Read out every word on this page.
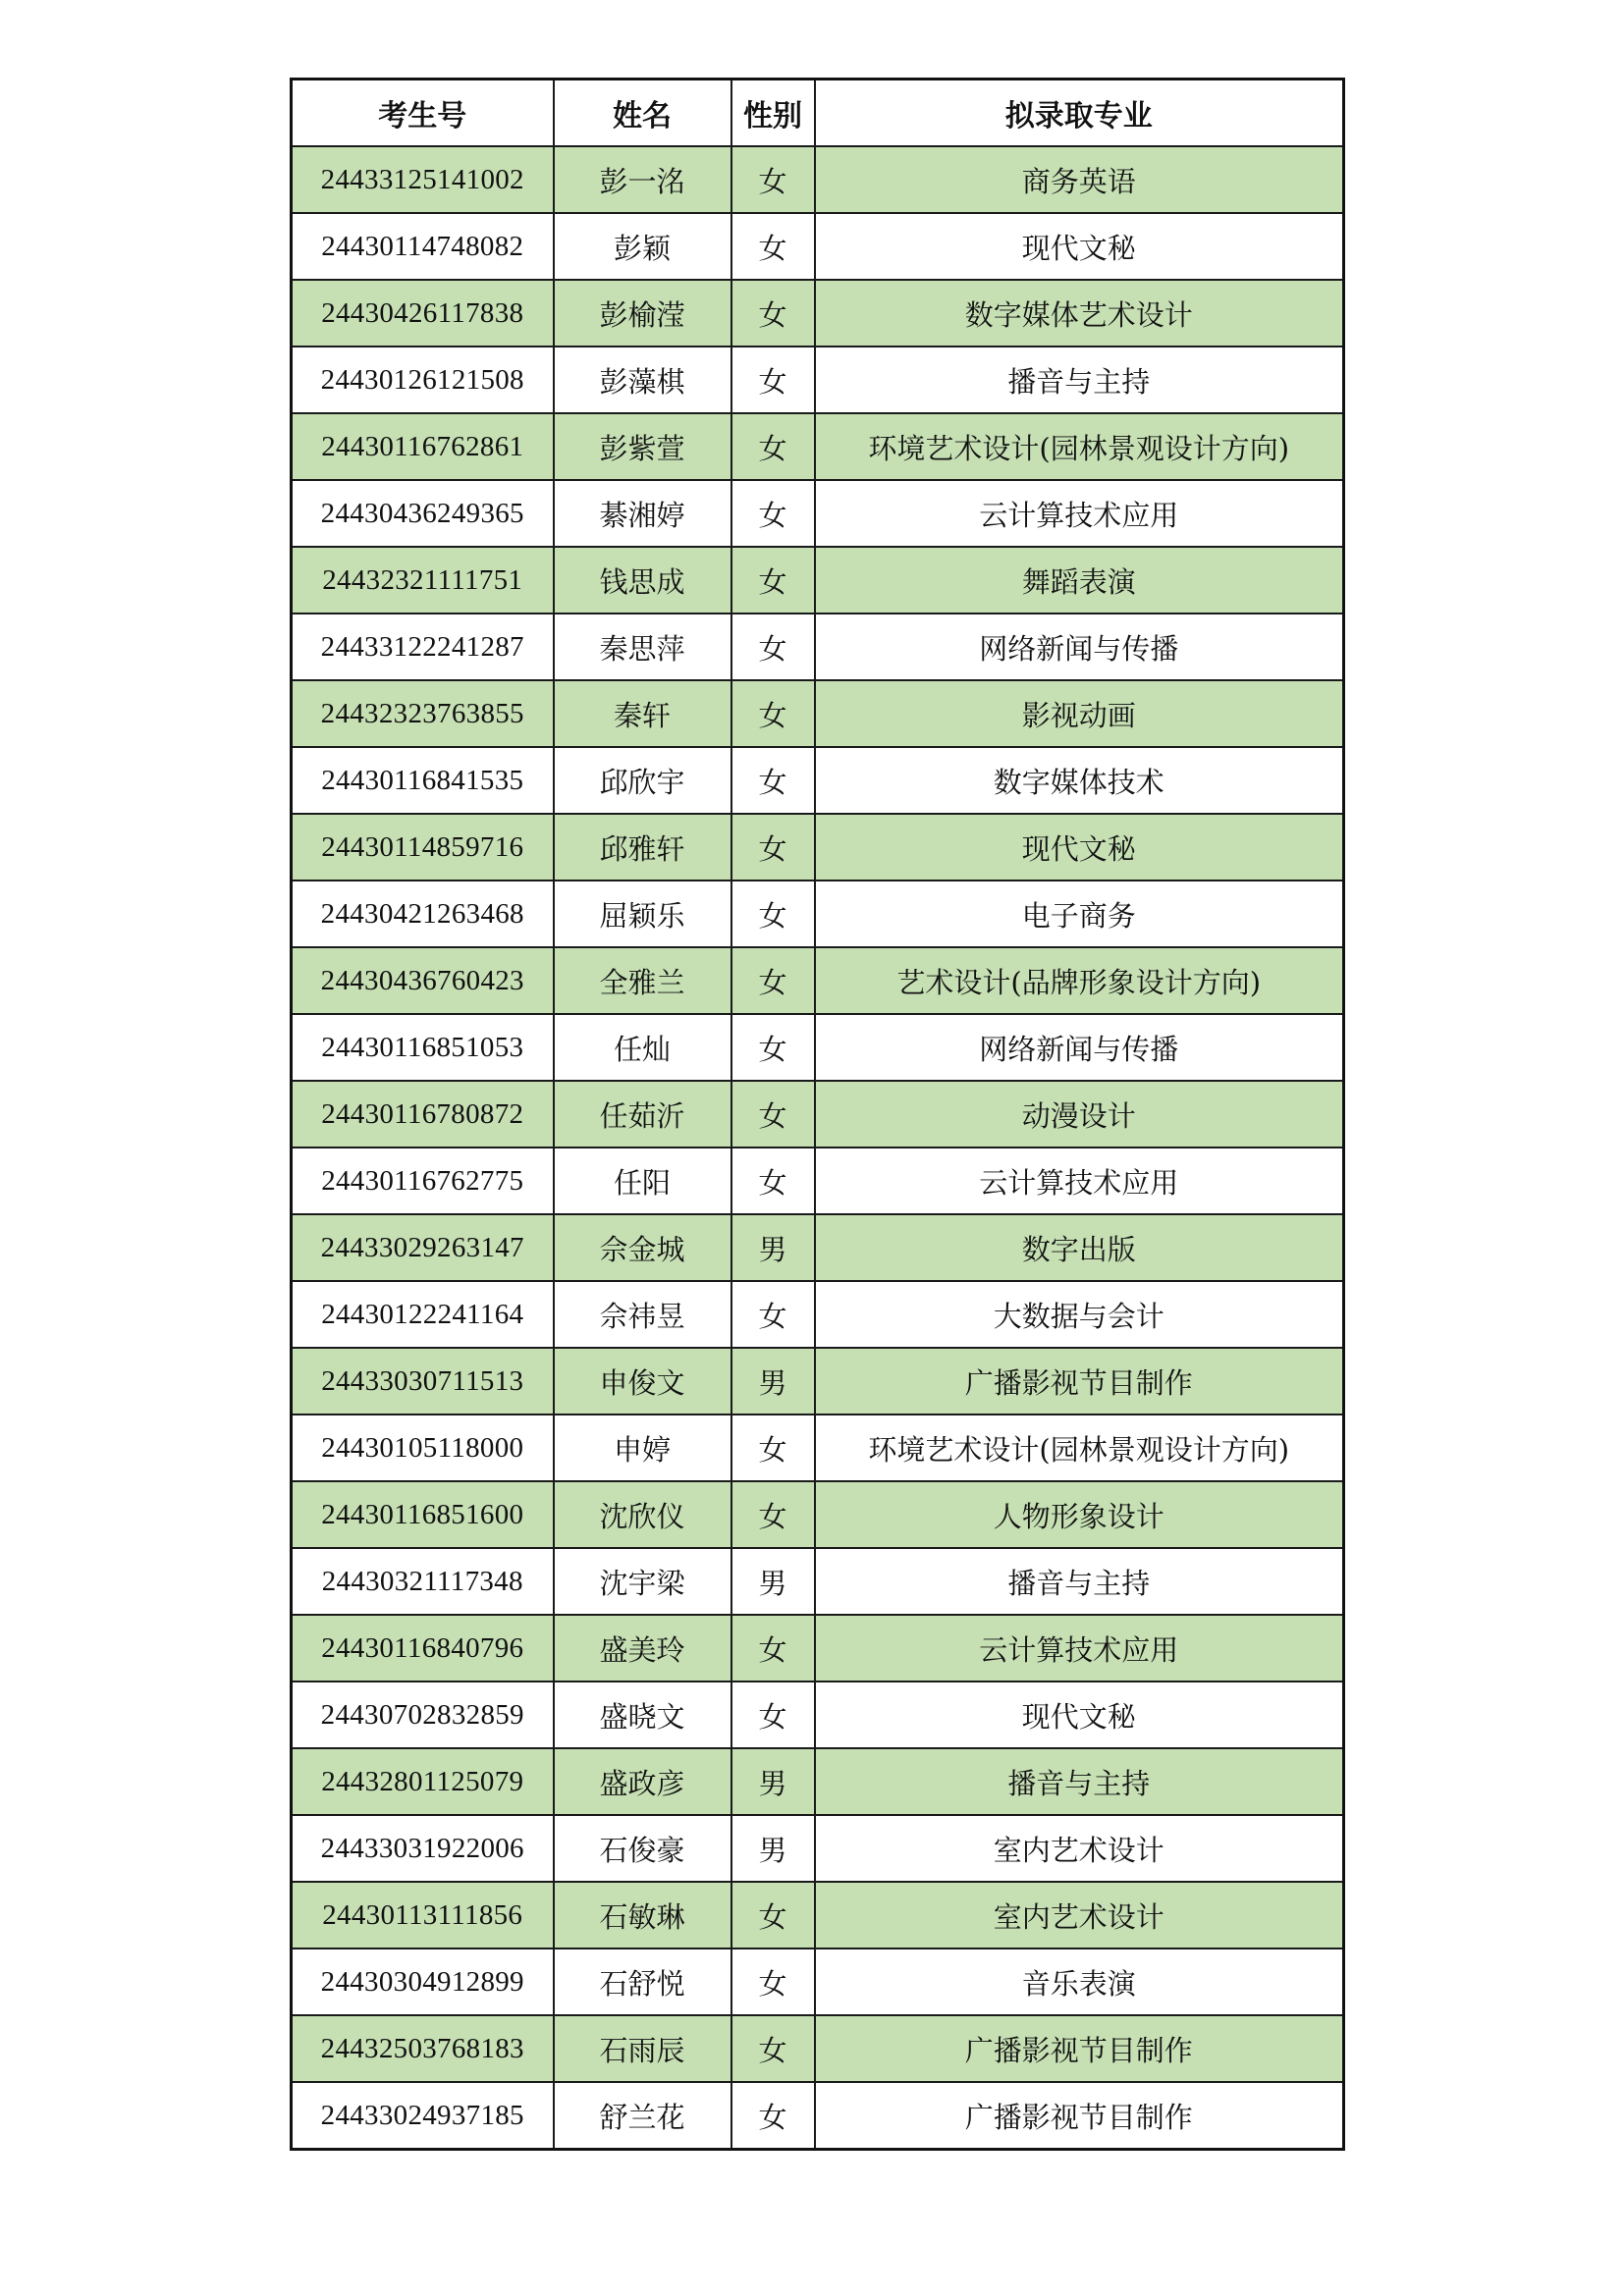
考生号	姓名	性别	拟录取专业
24433125141002	彭一洺	女	商务英语
24430114748082	彭颖	女	现代文秘
24430426117838	彭榆滢	女	数字媒体艺术设计
24430126121508	彭藻棋	女	播音与主持
24430116762861	彭紫萱	女	环境艺术设计(园林景观设计方向)
24430436249365	綦湘婷	女	云计算技术应用
24432321111751	钱思成	女	舞蹈表演
24433122241287	秦思萍	女	网络新闻与传播
24432323763855	秦轩	女	影视动画
24430116841535	邱欣宇	女	数字媒体技术
24430114859716	邱雅轩	女	现代文秘
24430421263468	屈颖乐	女	电子商务
24430436760423	全雅兰	女	艺术设计(品牌形象设计方向)
24430116851053	任灿	女	网络新闻与传播
24430116780872	任茹沂	女	动漫设计
24430116762775	任阳	女	云计算技术应用
24433029263147	佘金城	男	数字出版
24430122241164	佘祎昱	女	大数据与会计
24433030711513	申俊文	男	广播影视节目制作
24430105118000	申婷	女	环境艺术设计(园林景观设计方向)
24430116851600	沈欣仪	女	人物形象设计
24430321117348	沈宇梁	男	播音与主持
24430116840796	盛美玲	女	云计算技术应用
24430702832859	盛晓文	女	现代文秘
24432801125079	盛政彦	男	播音与主持
24433031922006	石俊豪	男	室内艺术设计
24430113111856	石敏琳	女	室内艺术设计
24430304912899	石舒悦	女	音乐表演
24432503768183	石雨辰	女	广播影视节目制作
24433024937185	舒兰花	女	广播影视节目制作
